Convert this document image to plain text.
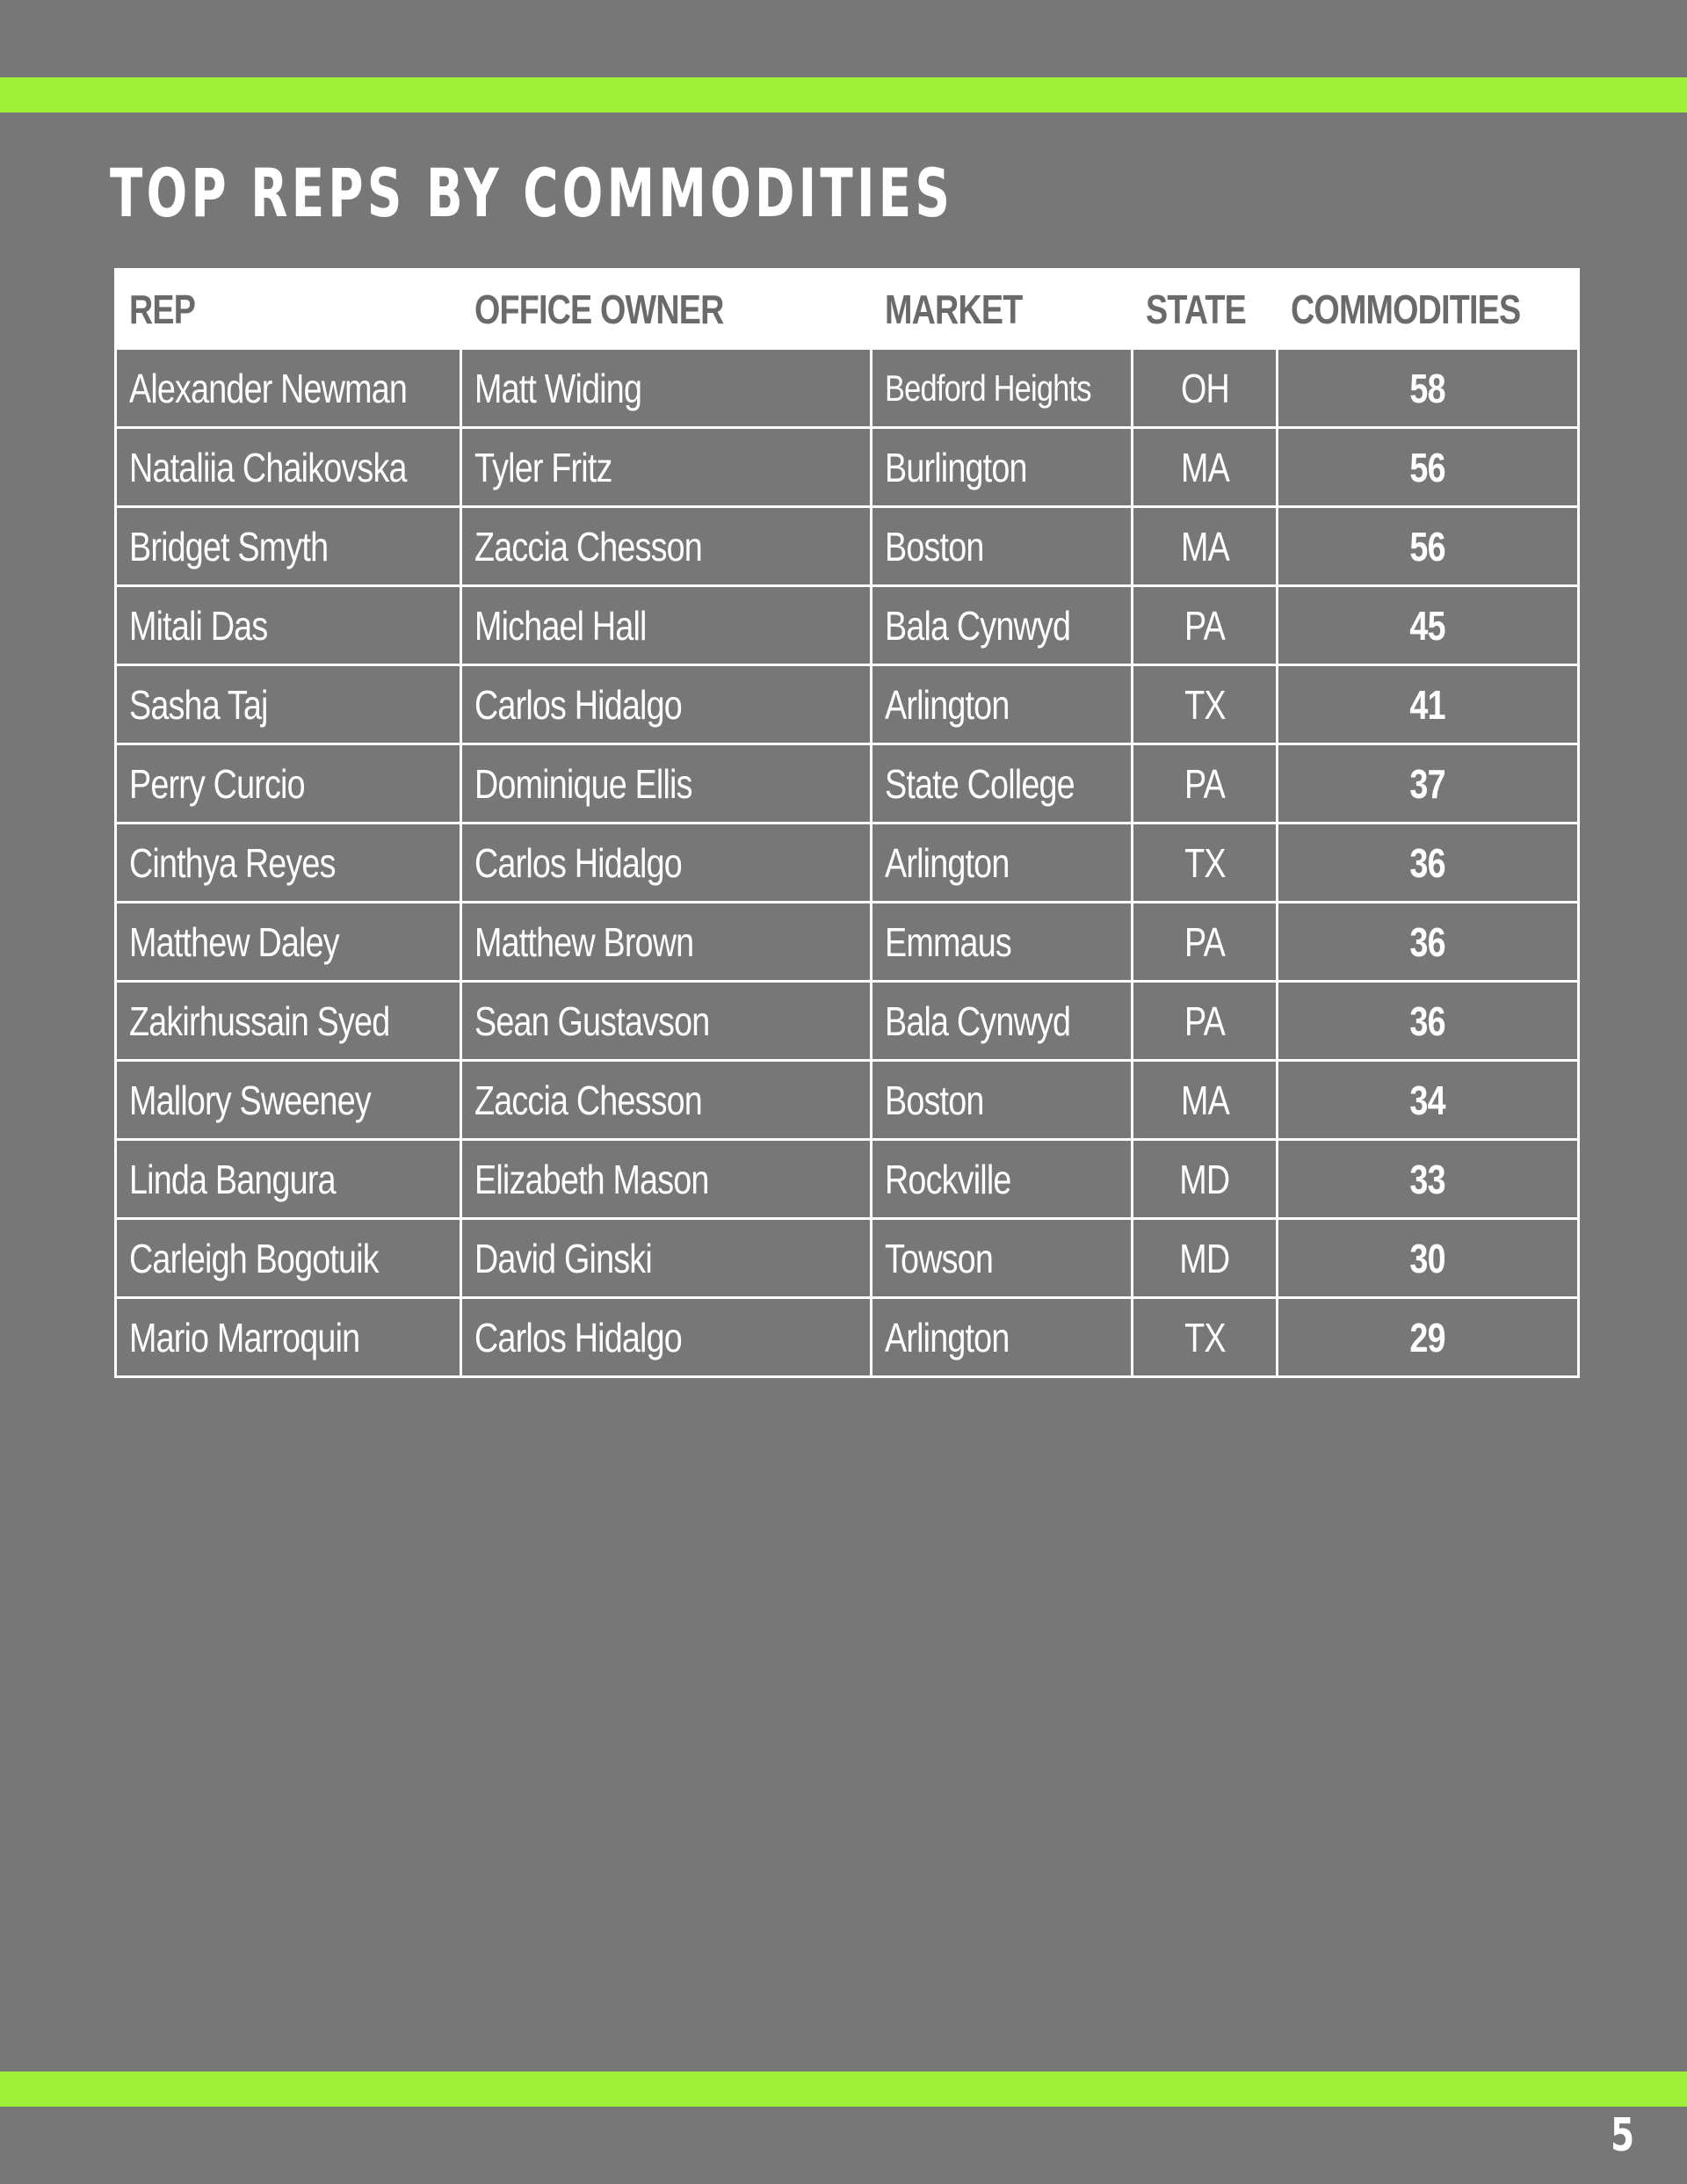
TOP REPS BY COMMODITIES
REP	OFFICE OWNER	MARKET	STATE	COMMODITIES
Alexander Newman	Matt Widing	Bedford Heights	OH	58
Nataliia Chaikovska	Tyler Fritz	Burlington	MA	56
Bridget Smyth	Zaccia Chesson	Boston	MA	56
Mitali Das	Michael Hall	Bala Cynwyd	PA	45
Sasha Taj	Carlos Hidalgo	Arlington	TX	41
Perry Curcio	Dominique Ellis	State College	PA	37
Cinthya Reyes	Carlos Hidalgo	Arlington	TX	36
Matthew Daley	Matthew Brown	Emmaus	PA	36
Zakirhussain Syed	Sean Gustavson	Bala Cynwyd	PA	36
Mallory Sweeney	Zaccia Chesson	Boston	MA	34
Linda Bangura	Elizabeth Mason	Rockville	MD	33
Carleigh Bogotuik	David Ginski	Towson	MD	30
Mario Marroquin	Carlos Hidalgo	Arlington	TX	29
5
